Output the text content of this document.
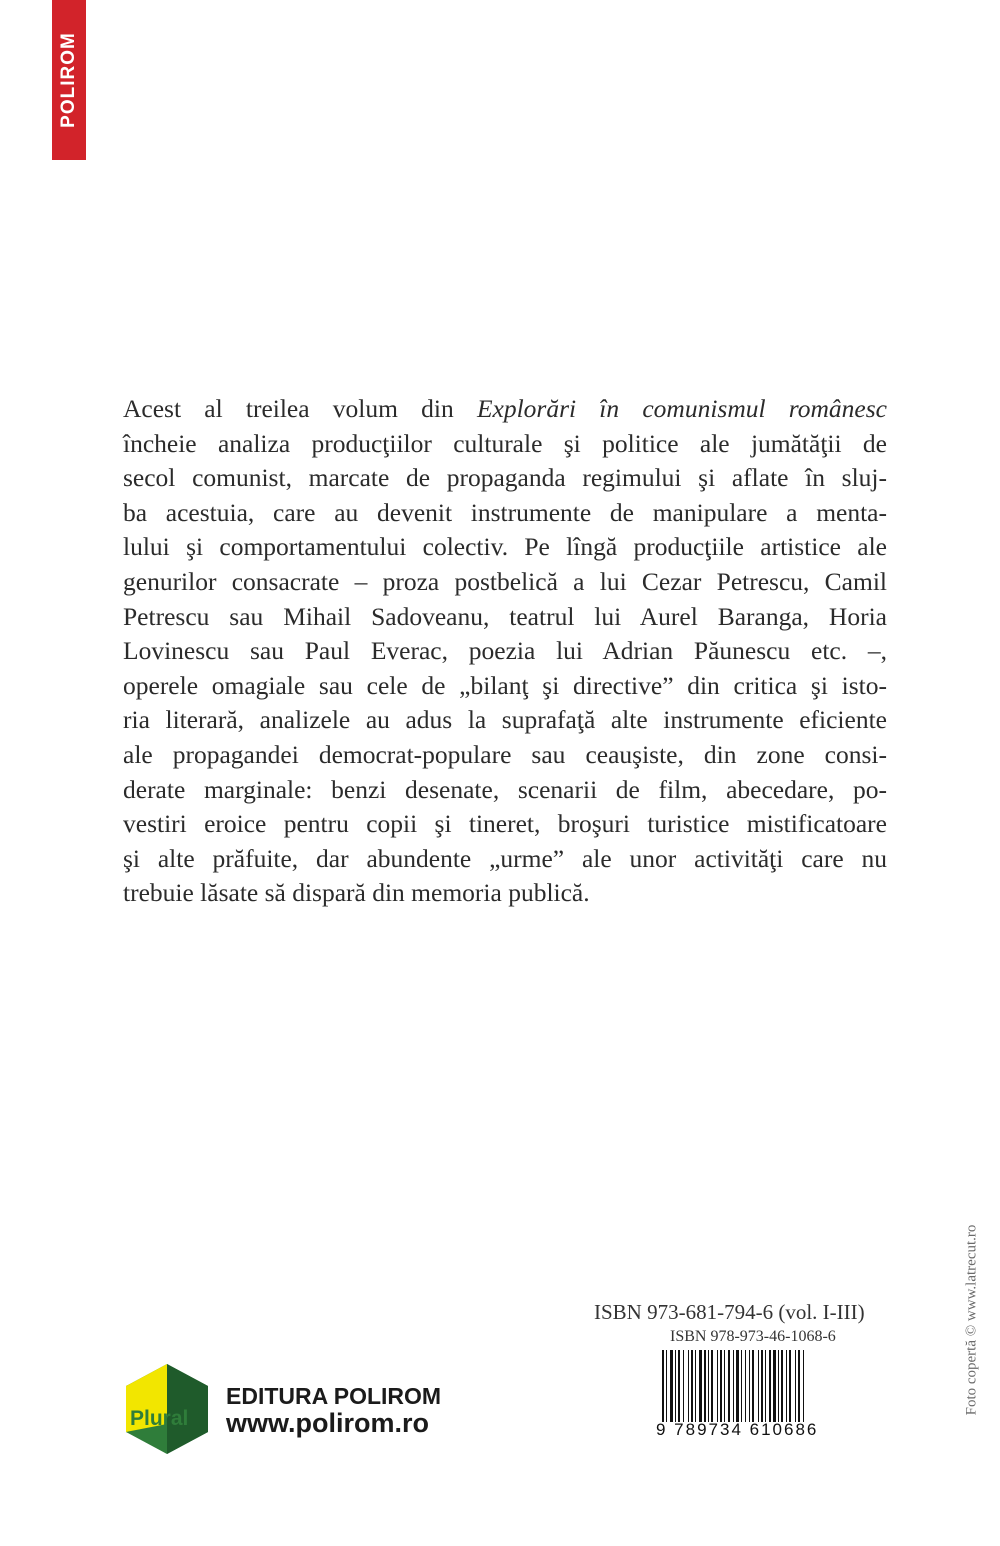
POLIROM
Acest al treilea volum din Explorări în comunismul românesc
încheie analiza producţiilor culturale şi politice ale jumătăţii de
secol comunist, marcate de propaganda regimului şi aflate în sluj-
ba acestuia, care au devenit instrumente de manipulare a menta-
lului şi comportamentului colectiv. Pe lîngă producţiile artistice ale
genurilor consacrate – proza postbelică a lui Cezar Petrescu, Camil
Petrescu sau Mihail Sadoveanu, teatrul lui Aurel Baranga, Horia
Lovinescu sau Paul Everac, poezia lui Adrian Păunescu etc. –,
operele omagiale sau cele de „bilanţ şi directive” din critica şi isto-
ria literară, analizele au adus la suprafaţă alte instrumente eficiente
ale propagandei democrat-populare sau ceauşiste, din zone consi-
derate marginale: benzi desenate, scenarii de film, abecedare, po-
vestiri eroice pentru copii şi tineret, broşuri turistice mistificatoare
şi alte prăfuite, dar abundente „urme” ale unor activităţi care nu
trebuie lăsate să dispară din memoria publică.
ISBN 973-681-794-6 (vol. I-III)
ISBN 978-973-46-1068-6
9 789734 610686
Plural
EDITURA POLIROM
www.polirom.ro
Foto copertă © www.latrecut.ro
